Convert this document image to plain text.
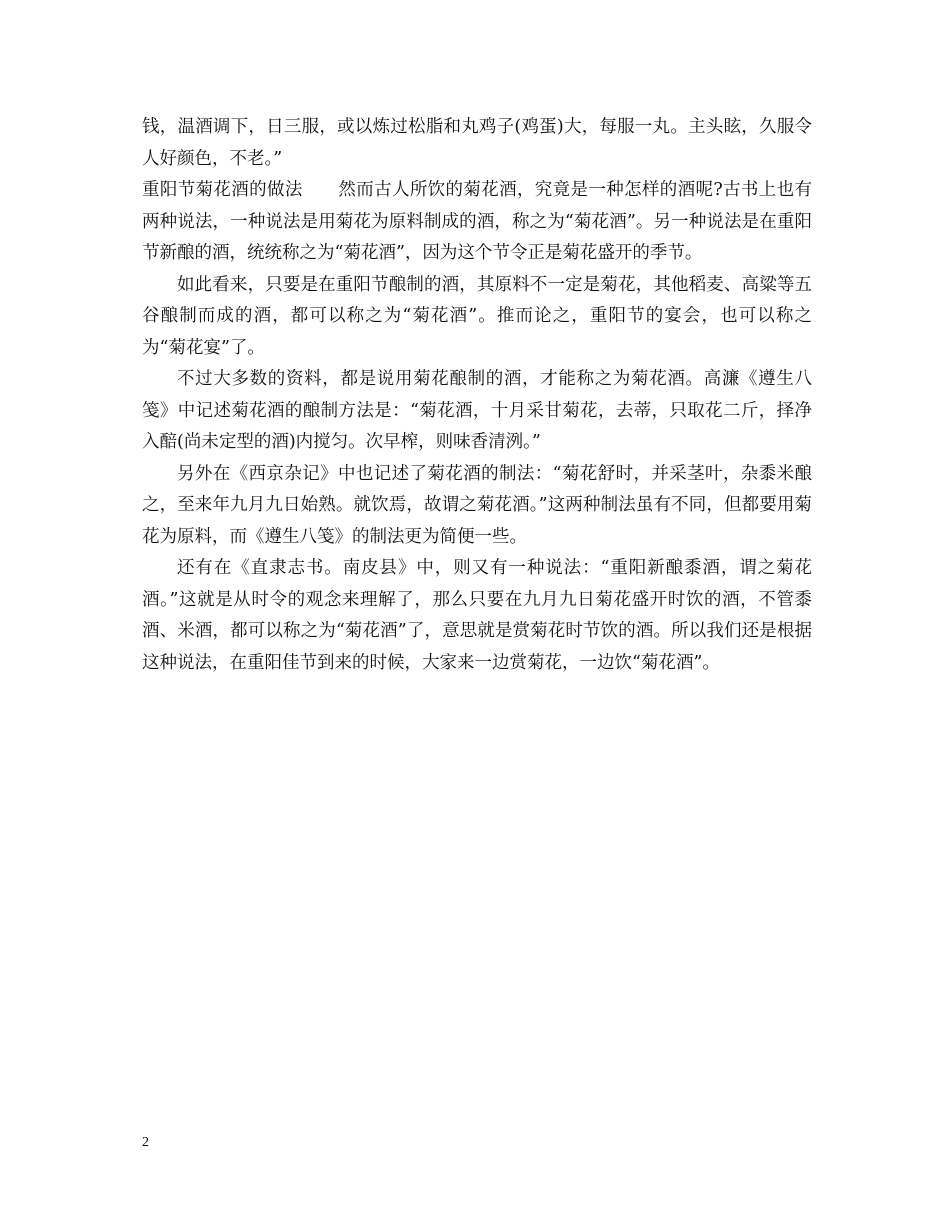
钱，温酒调下，日三服，或以炼过松脂和丸鸡子(鸡蛋)大，每服一丸。主头眩，久服令人好颜色，不老。”

重阳节菊花酒的做法　　然而古人所饮的菊花酒，究竟是一种怎样的酒呢?古书上也有两种说法，一种说法是用菊花为原料制成的酒，称之为“菊花酒”。另一种说法是在重阳节新酿的酒，统统称之为“菊花酒”，因为这个节令正是菊花盛开的季节。

如此看来，只要是在重阳节酿制的酒，其原料不一定是菊花，其他稻麦、高粱等五谷酿制而成的酒，都可以称之为“菊花酒”。推而论之，重阳节的宴会，也可以称之为“菊花宴”了。

不过大多数的资料，都是说用菊花酿制的酒，才能称之为菊花酒。高濂《遵生八笺》中记述菊花酒的酿制方法是：“菊花酒，十月采甘菊花，去蒂，只取花二斤，择净入醅(尚未定型的酒)内搅匀。次早榨，则味香清洌。”

另外在《西京杂记》中也记述了菊花酒的制法：“菊花舒时，并采茎叶，杂黍米酿之，至来年九月九日始熟。就饮焉，故谓之菊花酒。”这两种制法虽有不同，但都要用菊花为原料，而《遵生八笺》的制法更为简便一些。

还有在《直隶志书。南皮县》中，则又有一种说法：“重阳新酿黍酒，谓之菊花酒。”这就是从时令的观念来理解了，那么只要在九月九日菊花盛开时饮的酒，不管黍酒、米酒，都可以称之为“菊花酒”了，意思就是赏菊花时节饮的酒。所以我们还是根据这种说法，在重阳佳节到来的时候，大家来一边赏菊花，一边饮“菊花酒”。

2
